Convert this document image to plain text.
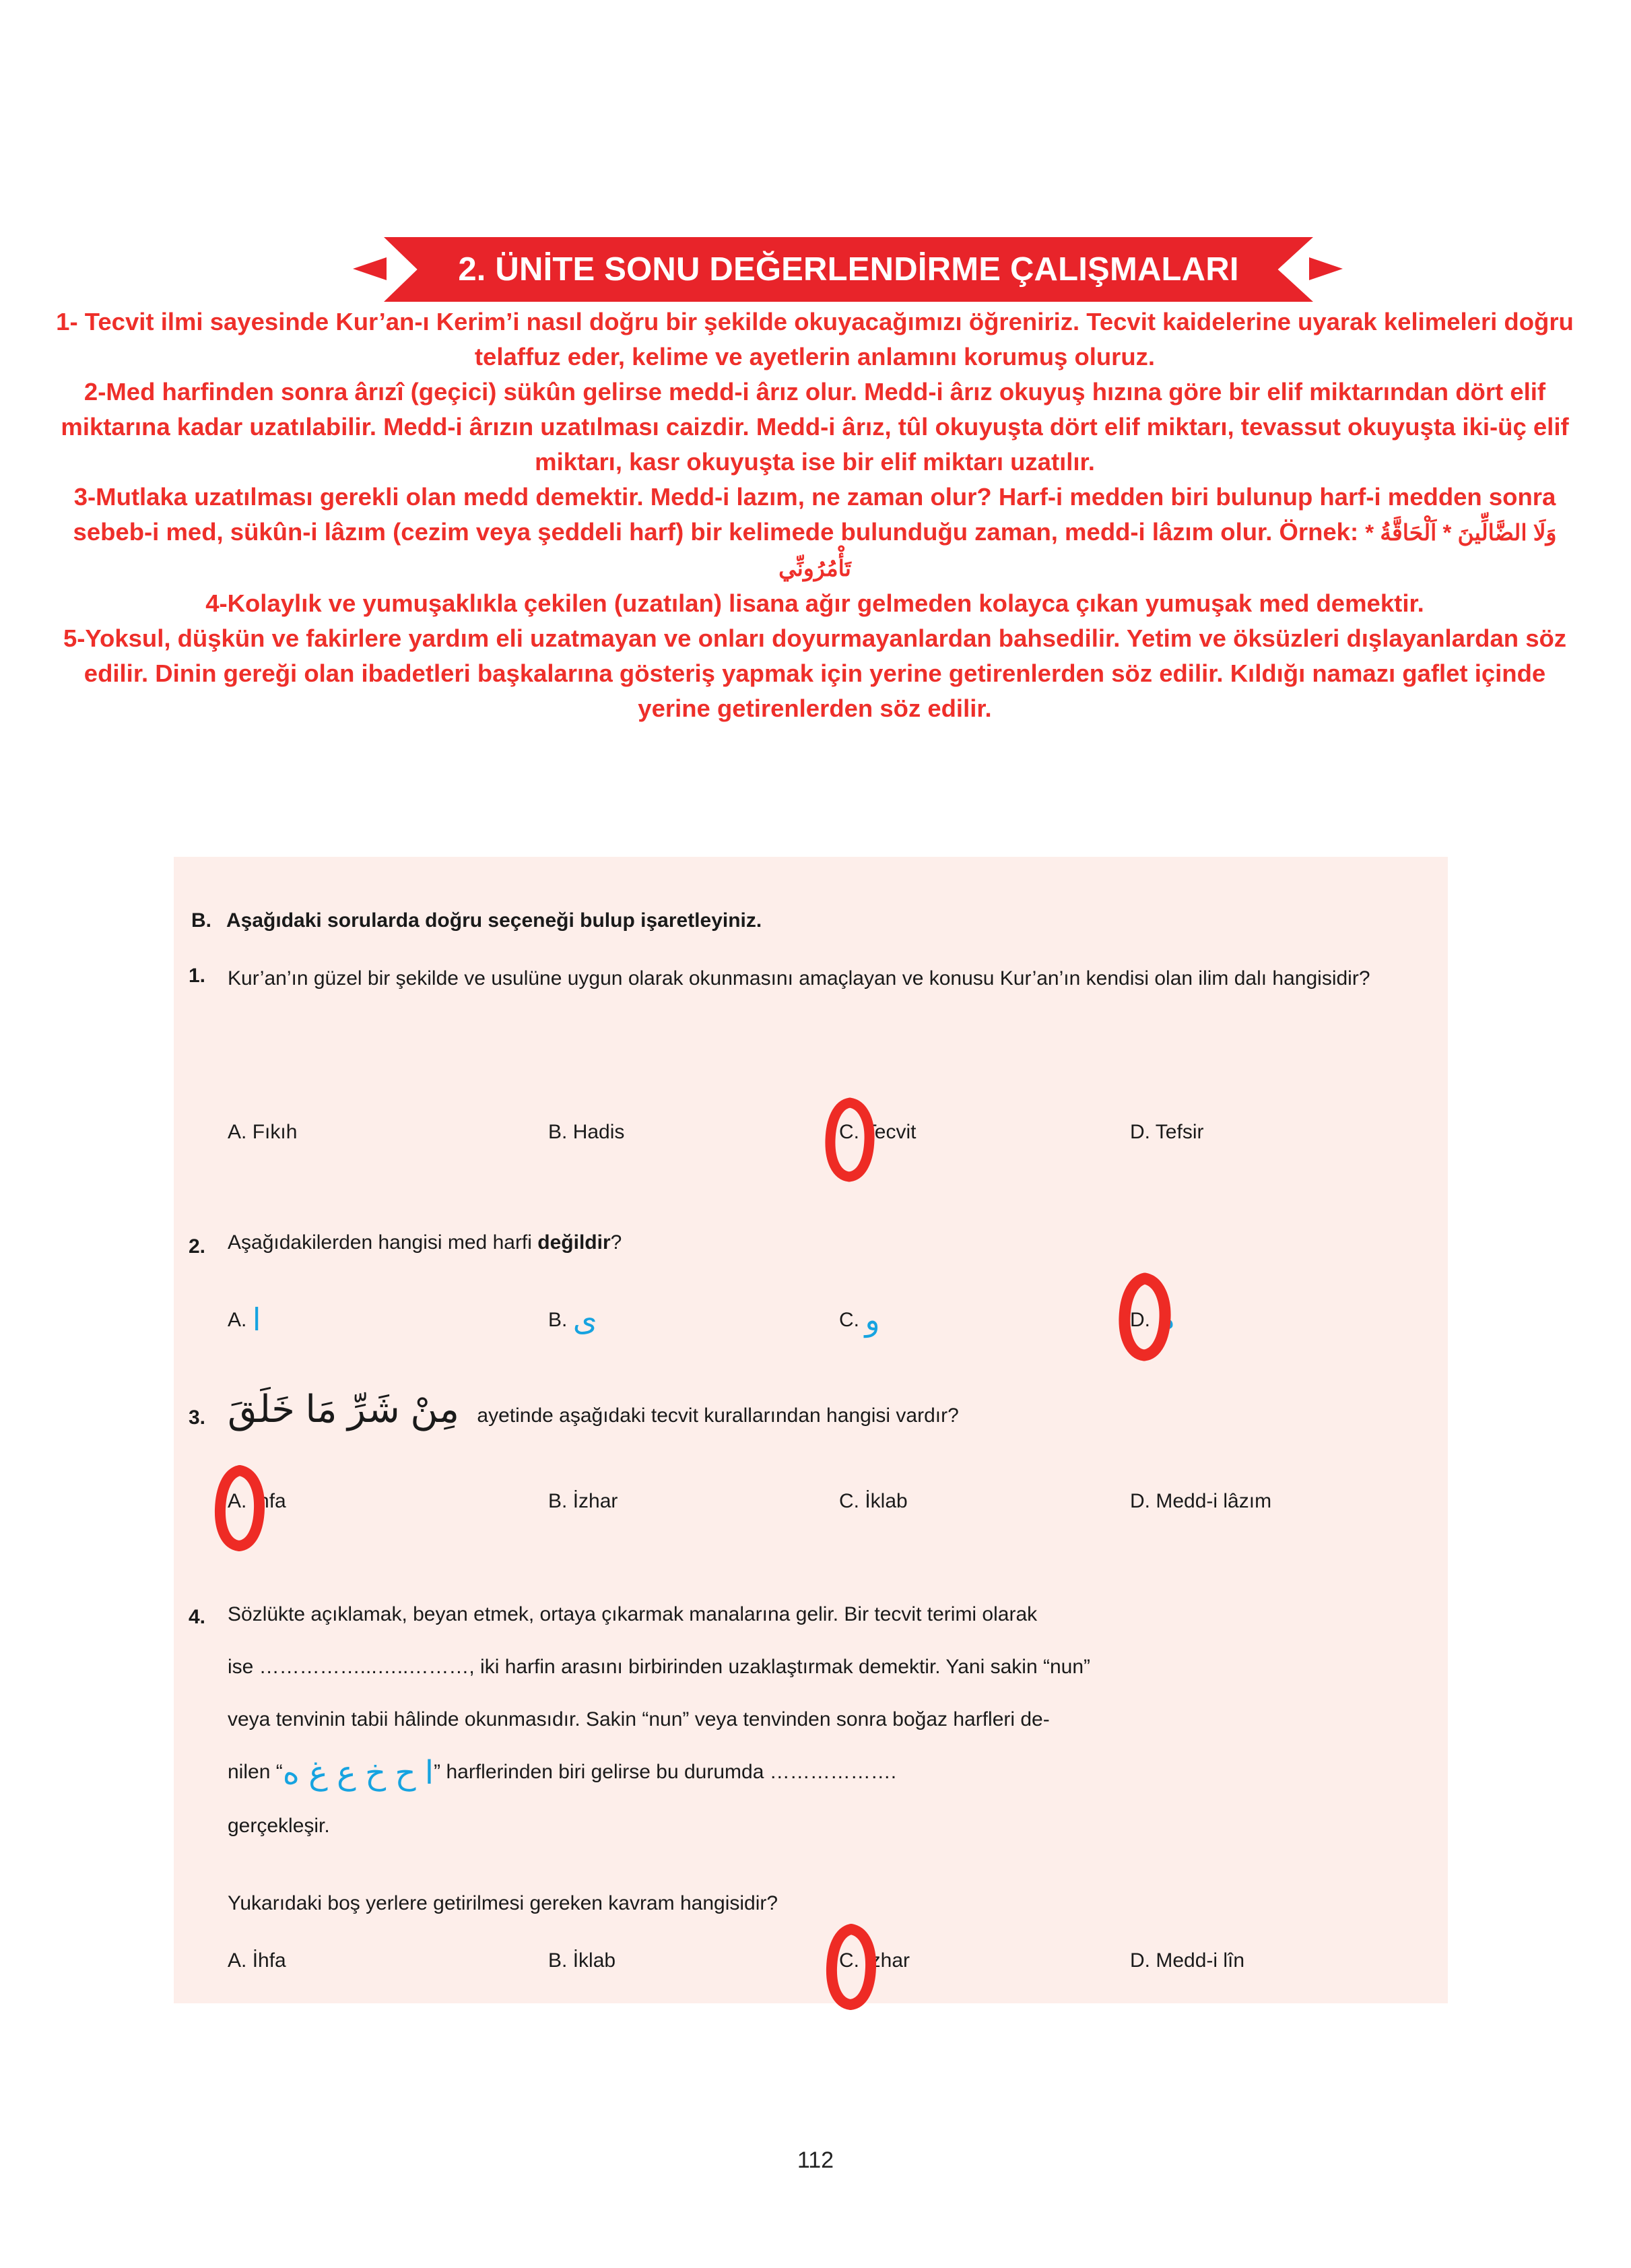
2. ÜNİTE SONU DEĞERLENDİRME ÇALIŞMALARI

1- Tecvit ilmi sayesinde Kur’an-ı Kerim’i nasıl doğru bir şekilde okuyacağımızı öğreniriz. Tecvit kaidelerine uyarak kelimeleri doğru telaffuz eder, kelime ve ayetlerin anlamını korumuş oluruz.

2-Med harfinden sonra ârızî (geçici) sükûn gelirse medd-i ârız olur. Medd-i ârız okuyuş hızına göre bir elif miktarından dört elif miktarına kadar uzatılabilir. Medd-i ârızın uzatılması caizdir. Medd-i ârız, tûl okuyuşta dört elif miktarı, tevassut okuyuşta iki-üç elif miktarı, kasr okuyuşta ise bir elif miktarı uzatılır.

3-Mutlaka uzatılması gerekli olan medd demektir. Medd-i lazım, ne zaman olur? Harf-i medden biri bulunup harf-i medden sonra sebeb-i med, sükûn-i lâzım (cezim veya şeddeli harf) bir kelimede bulunduğu zaman, medd-i lâzım olur. Örnek: وَلَا الضَّالِّينَ * اَلْحَاقَّةُ * تَأْمُرُونِّي

4-Kolaylık ve yumuşaklıkla çekilen (uzatılan) lisana ağır gelmeden kolayca çıkan yumuşak med demektir.

5-Yoksul, düşkün ve fakirlere yardım eli uzatmayan ve onları doyurmayanlardan bahsedilir. Yetim ve öksüzleri dışlayanlardan söz edilir. Dinin gereği olan ibadetleri başkalarına gösteriş yapmak için yerine getirenlerden söz edilir. Kıldığı namazı gaflet içinde yerine getirenlerden söz edilir.

B. Aşağıdaki sorularda doğru seçeneği bulup işaretleyiniz.
1. Kur’an’ın güzel bir şekilde ve usulüne uygun olarak okunmasını amaçlayan ve konusu Kur’an’ın kendisi olan ilim dalı hangisidir?
A. Fıkıh	B. Hadis	C. Tecvit	D. Tefsir
2. Aşağıdakilerden hangisi med harfi değildir?
A. ا	B. ى	C. و	D. م
3. مِنْ شَرِّ مَا خَلَقَ ayetinde aşağıdaki tecvit kurallarından hangisi vardır?
A. İhfa	B. İzhar	C. İklab	D. Medd-i lâzım
4. Sözlükte açıklamak, beyan etmek, ortaya çıkarmak manalarına gelir. Bir tecvit terimi olarak
ise ……………...…..………, iki harfin arasını birbirinden uzaklaştırmak demektir. Yani sakin “nun”
veya tenvinin tabii hâlinde okunmasıdır. Sakin “nun” veya tenvinden sonra boğaz harfleri de-
nilen “ا ح خ ع غ ه” harflerinden biri gelirse bu durumda ……………….
gerçekleşir.
Yukarıdaki boş yerlere getirilmesi gereken kavram hangisidir?
A. İhfa	B. İklab	C. İzhar	D. Medd-i lîn
112
